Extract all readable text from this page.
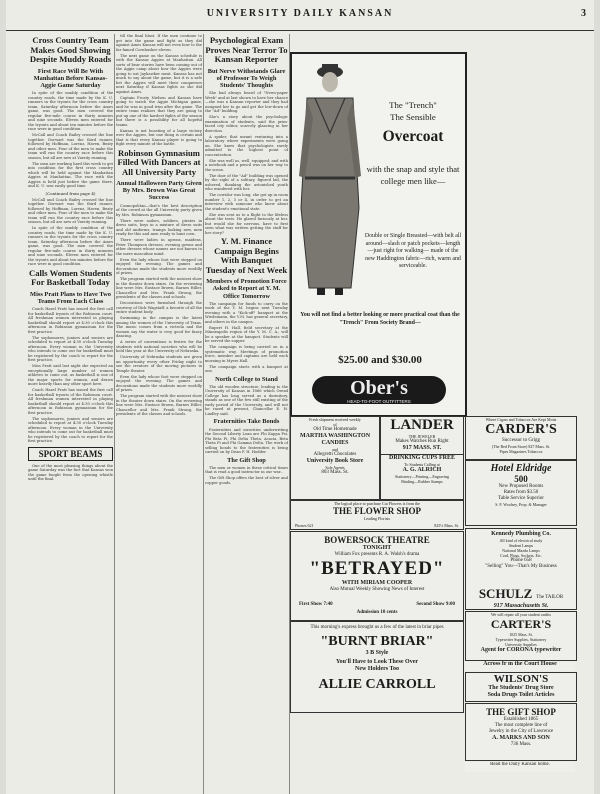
UNIVERSITY DAILY KANSAN	3
Cross Country Team Makes Good Showing Despite Muddy Roads
First Race Will Be With Manhattan Before Kansas-Aggie Game Saturday

In spite of the muddy condition of the country roads, the time made by the K. U. runners in the tryouts for the cross country team, Saturday afternoon before the Ames game, was good. The men covered the regular five-mile course in thirty minutes and nine seconds. Eleven men entered for the tryouts and about ten minutes before the race were in good condition.

McCall and Coach Bailey crossed the line together. Dorwart was the third runner, followed by Hoffman, Lorenz, Haven, Beaty and other men. Four of the men to make the team will run the country race before this season, but all are new at Varsity running.

The men are working hard this week to get into condition for the first cross country which will be held against the Manhattan Aggies at Manhattan. The race with the Aggies is held just before the game there, and K. U. was easily good time.

(Continued from page 4)

McCall and Coach Bailey crossed the line together. Dorwart was the third runner, followed by Hoffman, Lorenz, Haven, Beaty and other men. Four of the men to make the team will run the country race before this season, but all are new at Varsity running.

In spite of the muddy condition of the country roads, the time made by the K. U. runners in the tryouts for the cross country team, Saturday afternoon before the Ames game, was good. The men covered the regular five-mile course in thirty minutes and nine seconds. Eleven men entered for the tryouts and about ten minutes before the race were in good condition.

Calls Women Students For Basketball Today
Miss Pratt Plans to Have Two Teams From Each Class

Coach Hazel Pratt has issued the first call for basketball tryouts of the Robinson court. All freshman women interested in playing basketball should report at 4:30 o'clock this afternoon in Robinson gymnasium for the first practice.

The sophomores, juniors and seniors are scheduled to report at 4:30 o'clock Tuesday afternoon. Every woman in the University who intends to come out for basketball must be registered by the coach to report for the first practice.

Miss Pratt said last night she expected an exceptionally large number of women athletes to come out, as basketball is one of the major sports for women, and drawn more heavily than any other sport here.

Coach Hazel Pratt has issued the first call for basketball tryouts of the Robinson court. All freshman women interested in playing basketball should report at 4:30 o'clock this afternoon in Robinson gymnasium for the first practice.

The sophomores, juniors and seniors are scheduled to report at 4:30 o'clock Tuesday afternoon. Every woman in the University who intends to come out for basketball must be registered by the coach to report for the first practice.

SPORT BEAMS

One of the most pleasing things about the game Saturday was the fact that Kansas won the game fought from the opening whistle until the final.

till the final blast. If the men continue to get into the game and fight as they did against Ames Kansas will not even bow to the far famed Cornhusker eleven.

The next game on the Kansas schedule is with the Kansas Aggies at Manhattan. All sorts of bear stories have been coming out of the Aggie camp about how the Aggies were going to eat Jayhawker meat. Kansas has not much to say about the game, but it is a safe bet the Aggies will meet their conquerors next Saturday if Kansas fights as she did against Ames.

Captain Frosty Nielsen and Kansas have going to watch the Aggie Michigan game, and he was in good trim after the game. The entire team realizes that they are going to put up one of the hardest fights of the season but there is a possibility for all hopeful teams.

Kansas is not boasting of a large victory over the Aggies, but one thing is certain and that is that every Kansas player is going to fight every minute of the battle.

Robinson Gymnasium Filled With Dancers at All University Party
Annual Halloween Party Given By Mrs. Brown Was Great Success

Cosmopolitan—that's the best description of the crowd at the all University party given by Mrs. Robinson gymnasium.

There were sailors, soldiers, pirates in dress suits, boys in a mixture of dress suits and old uniforms, tramps looking new, men ready for this and men ready to hunt corn.

There were ladies in aprons, maidens, Peter Thompson dresses, evening gowns and other dresses whose names are not known to the mere masculine mind.

Even the lady whose foot were stepped on enjoyed the evening. The games and decorations made the students more worldly of prizes.

The program started with the noisiest show in the theater down stairs. On the reviewing line were Mrs. Eustace Brown, Barnes Hiller, Chancellor and Mrs. Frank Strong, the presidents of the classes and schools.

Decorations were furnished through the courtesy of Dick Wagstaff, a favorite of all the entire student body.

Swimming in the campus is the latest among the women of the University of Texas. The music comes from a victrola and the women say the water is very good for fancy dancing.

A series of conventions is festive for the students with national societies who will be held this year at the University of Nebraska.

University of Nebraska students are given an opportunity every other Friday night to see the creators of the moving pictures in Temple theater.

Even the lady whose foot were stepped on enjoyed the evening. The games and decorations made the students more worldly of prizes.

The program started with the noisiest show in the theater down stairs. On the reviewing line were Mrs. Eustace Brown, Barnes Hiller, Chancellor and Mrs. Frank Strong, the presidents of the classes and schools.

Psychological Exam Proves Near Terror To Kansan Reporter
But Nerve Withstands Glare of Professor To Weigh Students' Thoughts

She had always heard of "News-paper Week" and at last shown to have her chance—she was a Kansan reporter and they had assigned her to go and get the low-down of the "Ad" building.

She's a story about the psychologic examination of students, said the prim-faced city editor, scarcely glancing in her direction.

A spider, that meant venturing into a laboratory where experiments were going on. She knew that psychologists rarely admitted to the highest point of concentration.

She was well as, well, equipped; and with a notebook and a pencil was on her way to the scene.

The door of the "Ad" building was opened by the sight of a solitary, figured lad, the ushered, thanking the astonished youth who wandered with her.

The corridor was long; she got up in room number 1, 2, 3 or 4, in order to get an interview with someone who knew about the student's emotional state.

She was sent us to a flight to the lifeless about the tests. He glared furiously at her, but would she for nervous, have to first seen what was written getting the stuff for her story?

Y. M. Finance Campaign Begins With Banquet Tuesday of Next Week
Members of Promotion Force Asked to Report at Y. M. Office Tomorrow

The campaign for funds to carry on the work of the Y. M. begins next Tuesday evening with a "Kick-off" banquet at the Wiedemann, the Y.M. has general secretary, and others in the campus.

Rupert H. Hall, field secretary at the Minneapolis region of the Y. M. C. A., will be a speaker at the banquet. Students will be served the supper.

The campaign is being carried on in a systematic way. Meetings of promotion force, member and captains are held each morning in Myers Hall.

The campaign starts with a banquet at one.

North College to Stand

The old wooden structure, leading to the University of Kansas in 1866 which Oread College has long served as a dormitory, stands as one of the few still existing of the early period of the University, and will not be razed at present, Chancellor E. H. Lindley said.

Fraternities Take Bonds

Fraternities and sororities underwriting the Second Liberty Loan are Phi Kappa Psi, Phi Beta Pi, Phi Delta Theta, Acacia, Beta Theta Pi and Phi Gamma Delta. The work of selling bonds to the fraternities is being carried on by Dean F. H. Hodder.

The Gift Shop

The men or women in these critical times that is read a good instructor in our war...

The Gift Shop offers the best of silver and copper goods.

The "Trench"
The Sensible
Overcoat
with the snap and style that college men like—
Double or Single Breasted—with belt all around—slash or patch pockets—length—just right for walking— made of the new Haddington fabric—rich, warm and serviceable.
You will not find a better looking or more practical coat than the "Trench" From Society Brand—
$25.00 and $30.00
Ober's
HEAD-TO-FOOT OUTFITTERS
Fresh shipment received weekly
of
Old Time Homemade
MARTHA WASHINGTON CANDIES
and
Allegretti Chocolates
University Book Store
Sole Agents
803 Mass. St.
LANDER
THE JEWELER
Makes Watches Run Right
917 MASS. ST.
DRINKING CUPS FREE
To Students Calling at
A. G. ALRICH
Stationery—Printing—Engraving
Binding—Rubber Stamps
The logical place to purchase Cut Flowers is from the
THE FLOWER SHOP
Leading Florists
Phones 621	825½ Mass. St.
BOWERSOCK THEATRE
TONIGHT
William Fox presents R. A. Walsh's drama
"BETRAYED"
WITH MIRIAM COOPER
Also Mutual Weekly Showing News of Interest
First Show 7:40	Second Show 9:00
Admission 10 cents
This morning's express brought us a few of the latest in briar pipes
"BURNT BRIAR"
3 B Style
You'll Have to Look These Over
New Holders Too
ALLIE CARROLL
Where Cigars and Tobaccos Are Kept Moist
CARDER'S
Successor to Grigg
(The Red Front Store) 827 Mass. St.
Pipes Magazines Tobaccos
Hotel Eldridge
500
New Proposed Rooms
Rates from $3.50
Table Service Superior
S. F. Woolsey, Prop. & Manager
Kennedy Plumbing Co.
All kind of electrical study
Student Lamps
National Mazda Lamps
Cord, Plugs, Sockets, Etc.
Phone 658
"Selling" You—That's My Business
SCHULZ The TAILOR
917 Massachusetts St.
We will repair all your student outfits
CARTER'S
1025 Mass. St.
Typewriter Supplies, Stationery
University Supplies
Agent for CORONA typewriter
Across fr m the Court House
WILSON'S
The Students' Drug Store
Soda Drugs Toilet Articles
THE GIFT SHOP
Established 1865
The most complete line of
Jewelry in the City of Lawrence
A. MARKS AND SON
736 Mass.
Read the Daily Kansan home.
